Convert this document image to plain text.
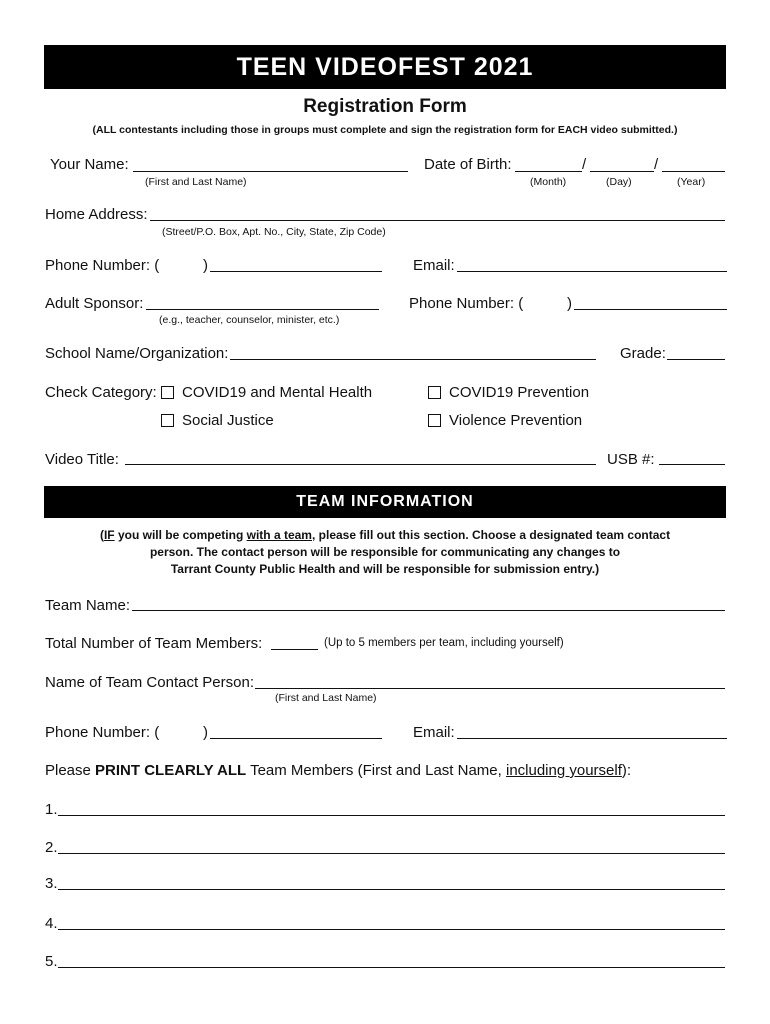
TEEN VIDEOFEST 2021
Registration Form
(ALL contestants including those in groups must complete and sign the registration form for EACH video submitted.)
Your Name:
(First and Last Name)
Date of Birth:	/	/
(Month)	(Day)	(Year)
Home Address:
(Street/P.O. Box, Apt. No., City, State, Zip Code)
Phone Number: (	)	Email:
Adult Sponsor:
(e.g., teacher, counselor, minister, etc.)
Phone Number: (	)
School Name/Organization:	Grade:
Check Category: COVID19 and Mental Health	COVID19 Prevention
Social Justice	Violence Prevention
Video Title:	USB #:
TEAM INFORMATION
(IF you will be competing with a team, please fill out this section. Choose a designated team contact
person. The contact person will be responsible for communicating any changes to
Tarrant County Public Health and will be responsible for submission entry.)
Team Name:
Total Number of Team Members:	(Up to 5 members per team, including yourself)
Name of Team Contact Person:
(First and Last Name)
Phone Number: (	)	Email:
Please PRINT CLEARLY ALL Team Members (First and Last Name, including yourself):
1.
2.
3.
4.
5.
